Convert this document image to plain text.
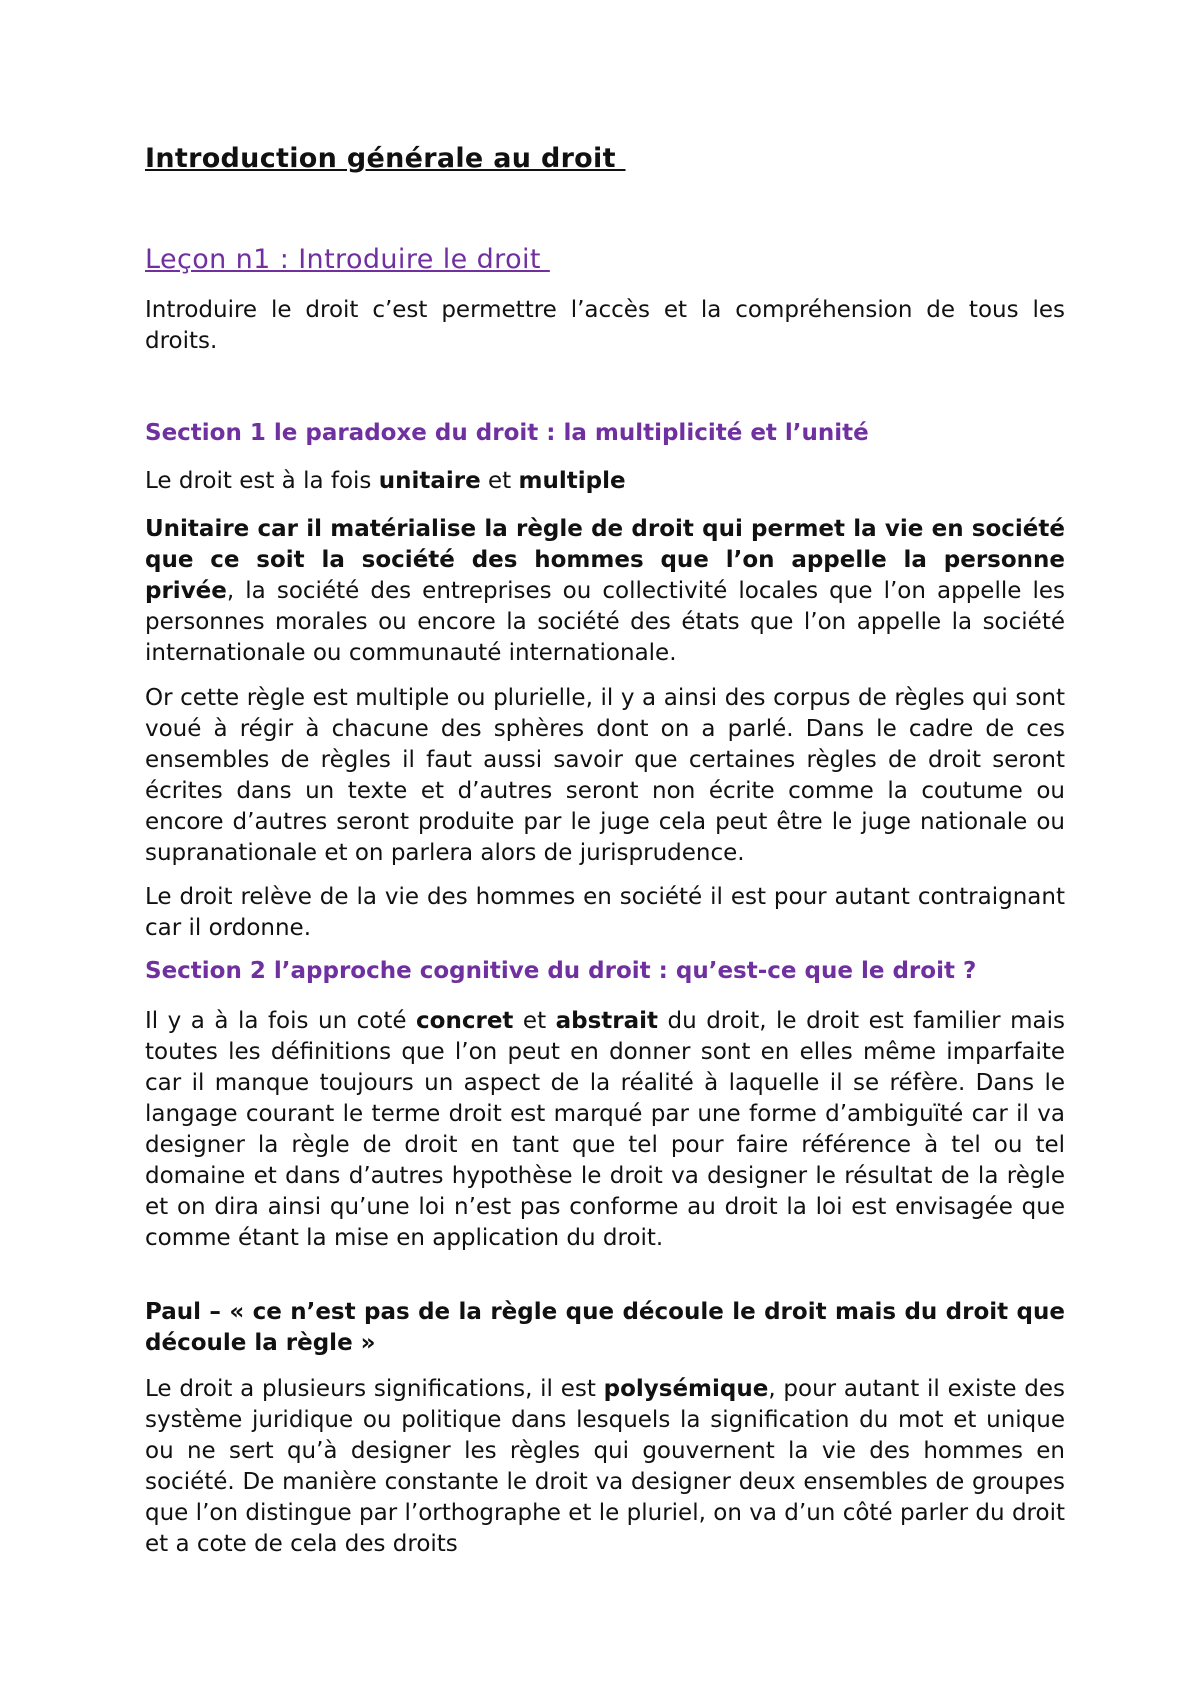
Introduction générale au droit
Leçon n1 : Introduire le droit
Introduire le droit c’est permettre l’accès et la compréhension de tous les droits.
Section 1 le paradoxe du droit : la multiplicité et l’unité
Le droit est à la fois unitaire et multiple
Unitaire car il matérialise la règle de droit qui permet la vie en société que ce soit la société des hommes que l’on appelle la personne privée, la société des entreprises ou collectivité locales que l’on appelle les personnes morales ou encore la société des états que l’on appelle la société internationale ou communauté internationale.
Or cette règle est multiple ou plurielle, il y a ainsi des corpus de règles qui sont voué à régir à chacune des sphères dont on a parlé. Dans le cadre de ces ensembles de règles il faut aussi savoir que certaines règles de droit seront écrites dans un texte et d’autres seront non écrite comme la coutume ou encore d’autres seront produite par le juge cela peut être le juge nationale ou supranationale et on parlera alors de jurisprudence.
Le droit relève de la vie des hommes en société il est pour autant contraignant car il ordonne.
Section 2 l’approche cognitive du droit : qu’est-ce que le droit ?
Il y a à la fois un coté concret et abstrait du droit, le droit est familier mais toutes les définitions que l’on peut en donner sont en elles même imparfaite car il manque toujours un aspect de la réalité à laquelle il se réfère. Dans le langage courant le terme droit est marqué par une forme d’ambiguïté car il va designer la règle de droit en tant que tel pour faire référence à tel ou tel domaine et dans d’autres hypothèse le droit va designer le résultat de la règle et on dira ainsi qu’une loi n’est pas conforme au droit la loi est envisagée que comme étant la mise en application du droit.
Paul – « ce n’est pas de la règle que découle le droit mais du droit que découle la règle »
Le droit a plusieurs significations, il est polysémique, pour autant il existe des système juridique ou politique dans lesquels la signification du mot et unique ou ne sert qu’à designer les règles qui gouvernent la vie des hommes en société. De manière constante le droit va designer deux ensembles de groupes que l’on distingue par l’orthographe et le pluriel, on va d’un côté parler du droit et a cote de cela des droits
